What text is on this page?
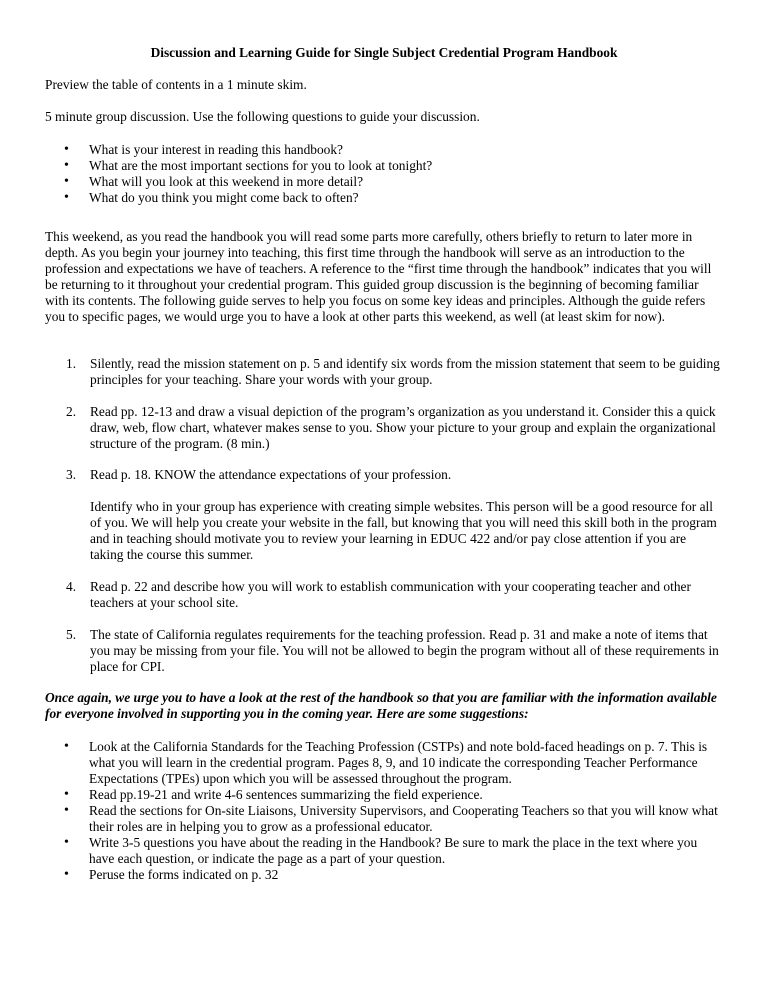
Discussion and Learning Guide for Single Subject Credential Program Handbook

Preview the table of contents in a 1 minute skim.

5 minute group discussion. Use the following questions to guide your discussion.

• What is your interest in reading this handbook?
• What are the most important sections for you to look at tonight?
• What will you look at this weekend in more detail?
• What do you think you might come back to often?

This weekend, as you read the handbook you will read some parts more carefully, others briefly to return to later more in depth. As you begin your journey into teaching, this first time through the handbook will serve as an introduction to the profession and expectations we have of teachers. A reference to the “first time through the handbook” indicates that you will be returning to it throughout your credential program. This guided group discussion is the beginning of becoming familiar with its contents. The following guide serves to help you focus on some key ideas and principles. Although the guide refers you to specific pages, we would urge you to have a look at other parts this weekend, as well (at least skim for now).

1.	Silently, read the mission statement on p. 5 and identify six words from the mission statement that seem to be guiding principles for your teaching. Share your words with your group.

2.	Read pp. 12-13 and draw a visual depiction of the program’s organization as you understand it. Consider this a quick draw, web, flow chart, whatever makes sense to you. Show your picture to your group and explain the organizational structure of the program. (8 min.)

3.	Read p. 18. KNOW the attendance expectations of your profession.

Identify who in your group has experience with creating simple websites. This person will be a good resource for all of you. We will help you create your website in the fall, but knowing that you will need this skill both in the program and in teaching should motivate you to review your learning in EDUC 422 and/or pay close attention if you are taking the course this summer.

4.	Read p. 22 and describe how you will work to establish communication with your cooperating teacher and other teachers at your school site.

5.	The state of California regulates requirements for the teaching profession. Read p. 31 and make a note of items that you may be missing from your file. You will not be allowed to begin the program without all of these requirements in place for CPI.

Once again, we urge you to have a look at the rest of the handbook so that you are familiar with the information available for everyone involved in supporting you in the coming year. Here are some suggestions:

• Look at the California Standards for the Teaching Profession (CSTPs) and note bold-faced headings on p. 7. This is what you will learn in the credential program. Pages 8, 9, and 10 indicate the corresponding Teacher Performance Expectations (TPEs) upon which you will be assessed throughout the program.
• Read pp.19-21 and write 4-6 sentences summarizing the field experience.
• Read the sections for On-site Liaisons, University Supervisors, and Cooperating Teachers so that you will know what their roles are in helping you to grow as a professional educator.
• Write 3-5 questions you have about the reading in the Handbook? Be sure to mark the place in the text where you have each question, or indicate the page as a part of your question.
• Peruse the forms indicated on p. 32
